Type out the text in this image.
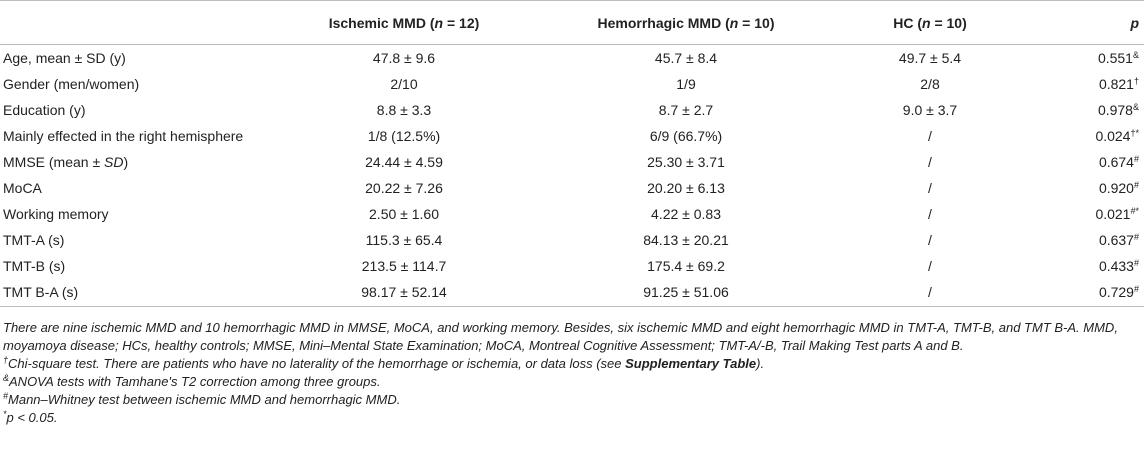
	Ischemic MMD (n = 12)	Hemorrhagic MMD (n = 10)	HC (n = 10)	p
Age, mean ± SD (y)	47.8 ± 9.6	45.7 ± 8.4	49.7 ± 5.4	0.551&
Gender (men/women)	2/10	1/9	2/8	0.821†
Education (y)	8.8 ± 3.3	8.7 ± 2.7	9.0 ± 3.7	0.978&
Mainly effected in the right hemisphere	1/8 (12.5%)	6/9 (66.7%)	/	0.024†*
MMSE (mean ± SD)	24.44 ± 4.59	25.30 ± 3.71	/	0.674#
MoCA	20.22 ± 7.26	20.20 ± 6.13	/	0.920#
Working memory	2.50 ± 1.60	4.22 ± 0.83	/	0.021#*
TMT-A (s)	115.3 ± 65.4	84.13 ± 20.21	/	0.637#
TMT-B (s)	213.5 ± 114.7	175.4 ± 69.2	/	0.433#
TMT B-A (s)	98.17 ± 52.14	91.25 ± 51.06	/	0.729#
There are nine ischemic MMD and 10 hemorrhagic MMD in MMSE, MoCA, and working memory. Besides, six ischemic MMD and eight hemorrhagic MMD in TMT-A, TMT-B, and TMT B-A. MMD, moyamoya disease; HCs, healthy controls; MMSE, Mini–Mental State Examination; MoCA, Montreal Cognitive Assessment; TMT-A/-B, Trail Making Test parts A and B.
†Chi-square test. There are patients who have no laterality of the hemorrhage or ischemia, or data loss (see Supplementary Table).
&ANOVA tests with Tamhane's T2 correction among three groups.
#Mann–Whitney test between ischemic MMD and hemorrhagic MMD.
*p < 0.05.
